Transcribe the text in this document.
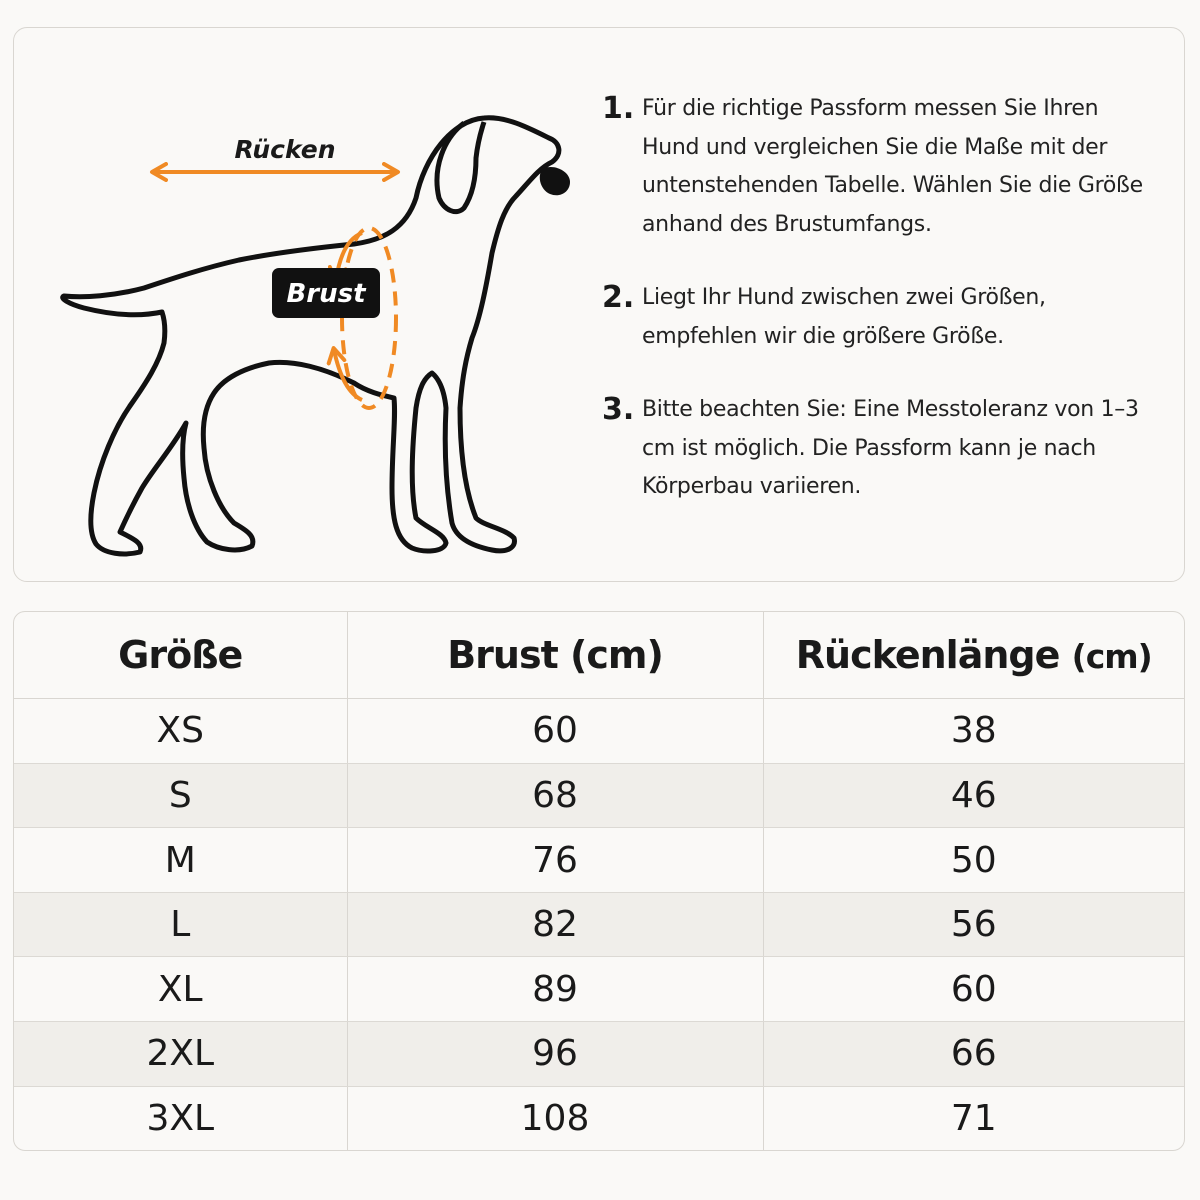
Rücken
Brust
1. Für die richtige Passform messen Sie Ihren Hund und vergleichen Sie die Maße mit der untenstehenden Tabelle. Wählen Sie die Größe anhand des Brustumfangs.
2. Liegt Ihr Hund zwischen zwei Größen, empfehlen wir die größere Größe.
3. Bitte beachten Sie: Eine Messtoleranz von 1–3 cm ist möglich. Die Passform kann je nach Körperbau variieren.
Größe	Brust (cm)	Rückenlänge (cm)
XS	60	38
S	68	46
M	76	50
L	82	56
XL	89	60
2XL	96	66
3XL	108	71
